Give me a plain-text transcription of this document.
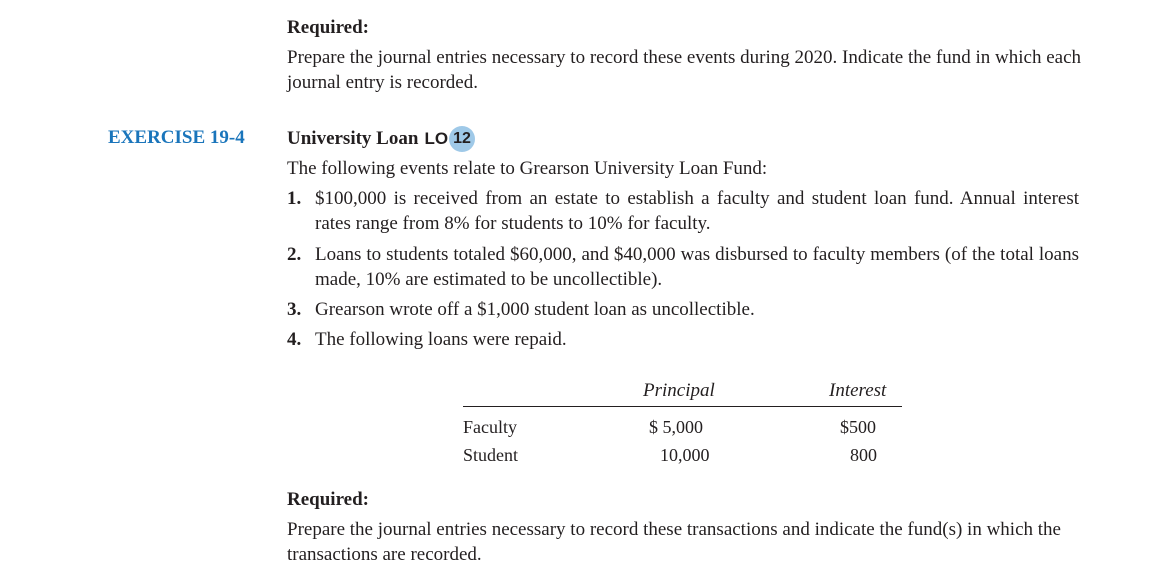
Required:
Prepare the journal entries necessary to record these events during 2020. Indicate the fund in which each journal entry is recorded.
EXERCISE 19-4 University Loan LO 12
The following events relate to Grearson University Loan Fund:
1. $100,000 is received from an estate to establish a faculty and student loan fund. Annual interest rates range from 8% for students to 10% for faculty.
2. Loans to students totaled $60,000, and $40,000 was disbursed to faculty members (of the total loans made, 10% are estimated to be uncollectible).
3. Grearson wrote off a $1,000 student loan as uncollectible.
4. The following loans were repaid.
Principal	Interest
Faculty	$ 5,000	$500
Student	10,000	800
Required:
Prepare the journal entries necessary to record these transactions and indicate the fund(s) in which the transactions are recorded.
